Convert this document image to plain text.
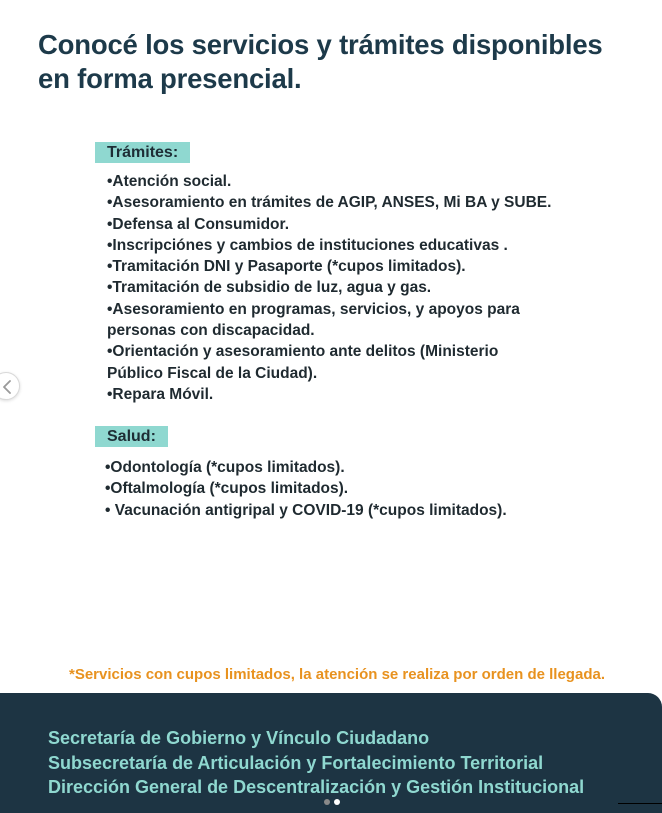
Conocé los servicios y trámites disponibles
en forma presencial.
Trámites:
•Atención social.
•Asesoramiento en trámites de AGIP, ANSES, Mi BA y SUBE.
•Defensa al Consumidor.
•Inscripciónes y cambios de instituciones educativas .
•Tramitación DNI y Pasaporte (*cupos limitados).
•Tramitación de subsidio de luz, agua y gas.
•Asesoramiento en programas, servicios, y apoyos para
personas con discapacidad.
•Orientación y asesoramiento ante delitos (Ministerio
Público Fiscal de la Ciudad).
•Repara Móvil.
Salud:
•Odontología (*cupos limitados).
•Oftalmología (*cupos limitados).
• Vacunación antigripal y COVID-19 (*cupos limitados).
*Servicios con cupos limitados, la atención se realiza por orden de llegada.
Secretaría de Gobierno y Vínculo Ciudadano
Subsecretaría de Articulación y Fortalecimiento Territorial
Dirección General de Descentralización y Gestión Institucional
